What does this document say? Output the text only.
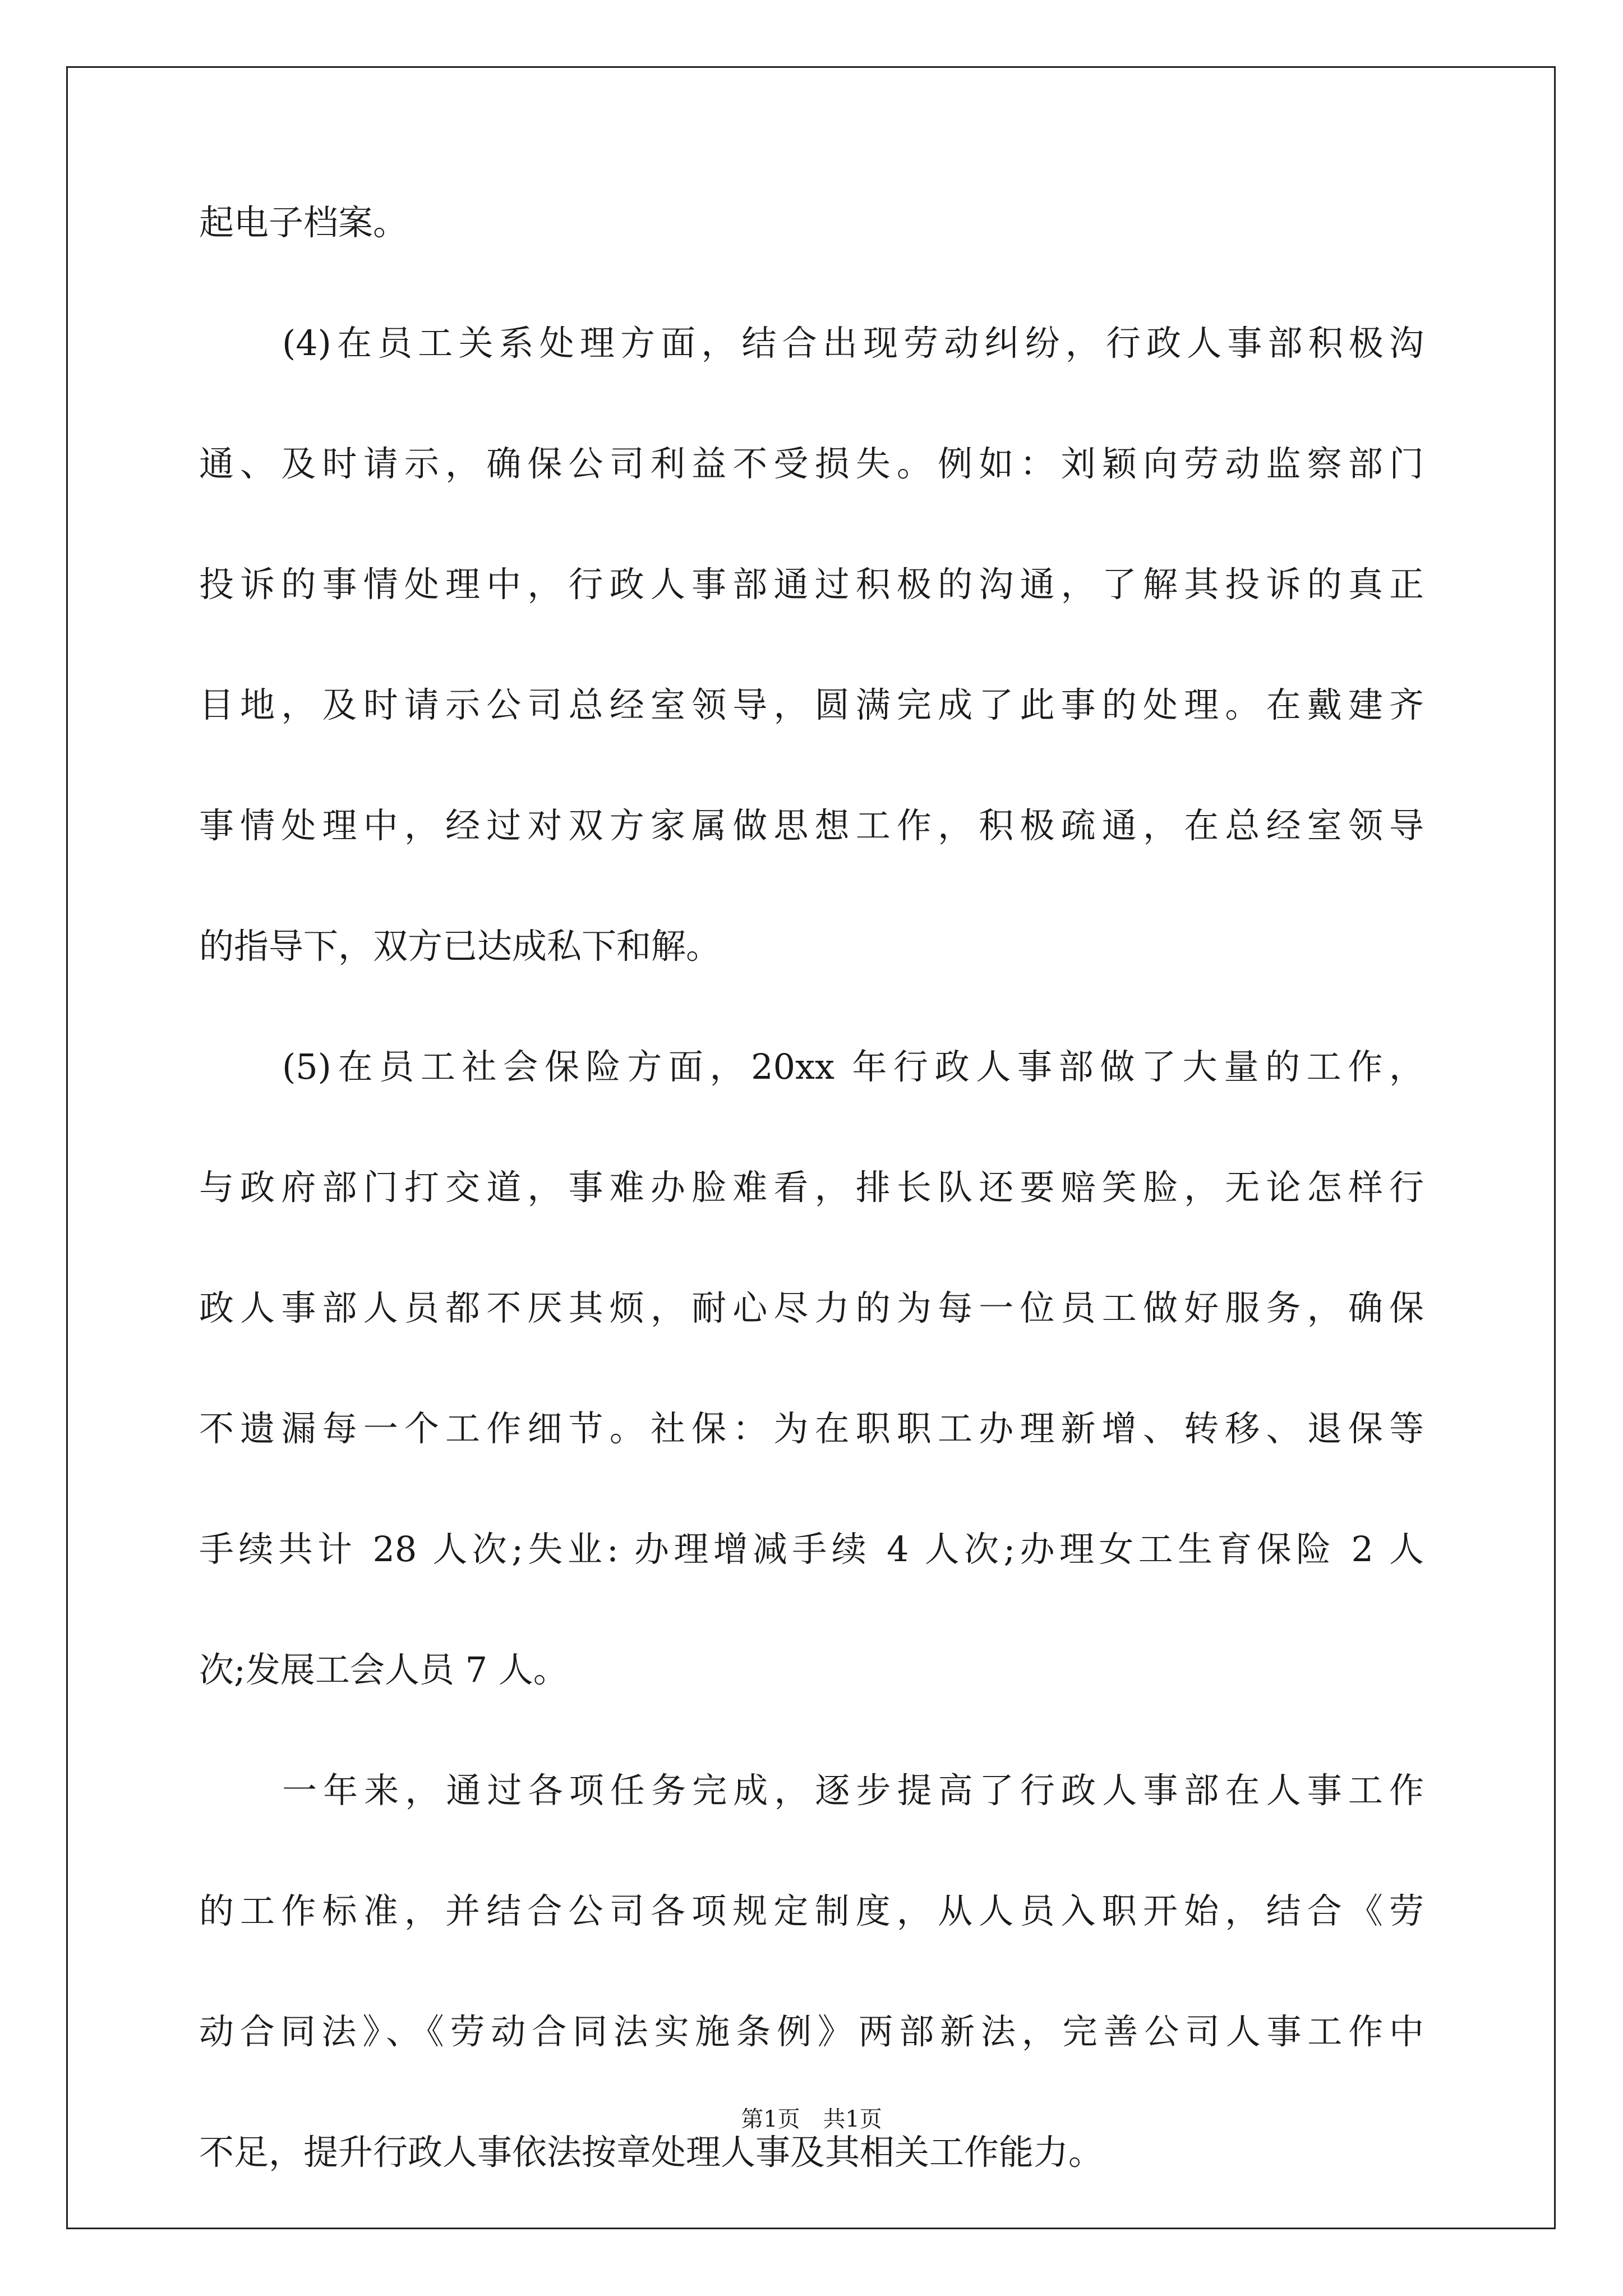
起电子档案。
(4)在员工关系处理方面，结合出现劳动纠纷，行政人事部积极沟
通、及时请示，确保公司利益不受损失。例如：刘颖向劳动监察部门
投诉的事情处理中，行政人事部通过积极的沟通，了解其投诉的真正
目地，及时请示公司总经室领导，圆满完成了此事的处理。在戴建齐
事情处理中，经过对双方家属做思想工作，积极疏通，在总经室领导
的指导下，双方已达成私下和解。
(5)在员工社会保险方面，20xx 年行政人事部做了大量的工作，
与政府部门打交道，事难办脸难看，排长队还要赔笑脸，无论怎样行
政人事部人员都不厌其烦，耐心尽力的为每一位员工做好服务，确保
不遗漏每一个工作细节。社保：为在职职工办理新增、转移、退保等
手续共计 28 人次;失业: 办理增减手续 4 人次;办理女工生育保险 2 人
次;发展工会人员 7 人。
一年来，通过各项任务完成，逐步提高了行政人事部在人事工作
的工作标准，并结合公司各项规定制度，从人员入职开始，结合《劳
动合同法》、《劳动合同法实施条例》两部新法，完善公司人事工作中
不足，提升行政人事依法按章处理人事及其相关工作能力。
第1页 共1页
